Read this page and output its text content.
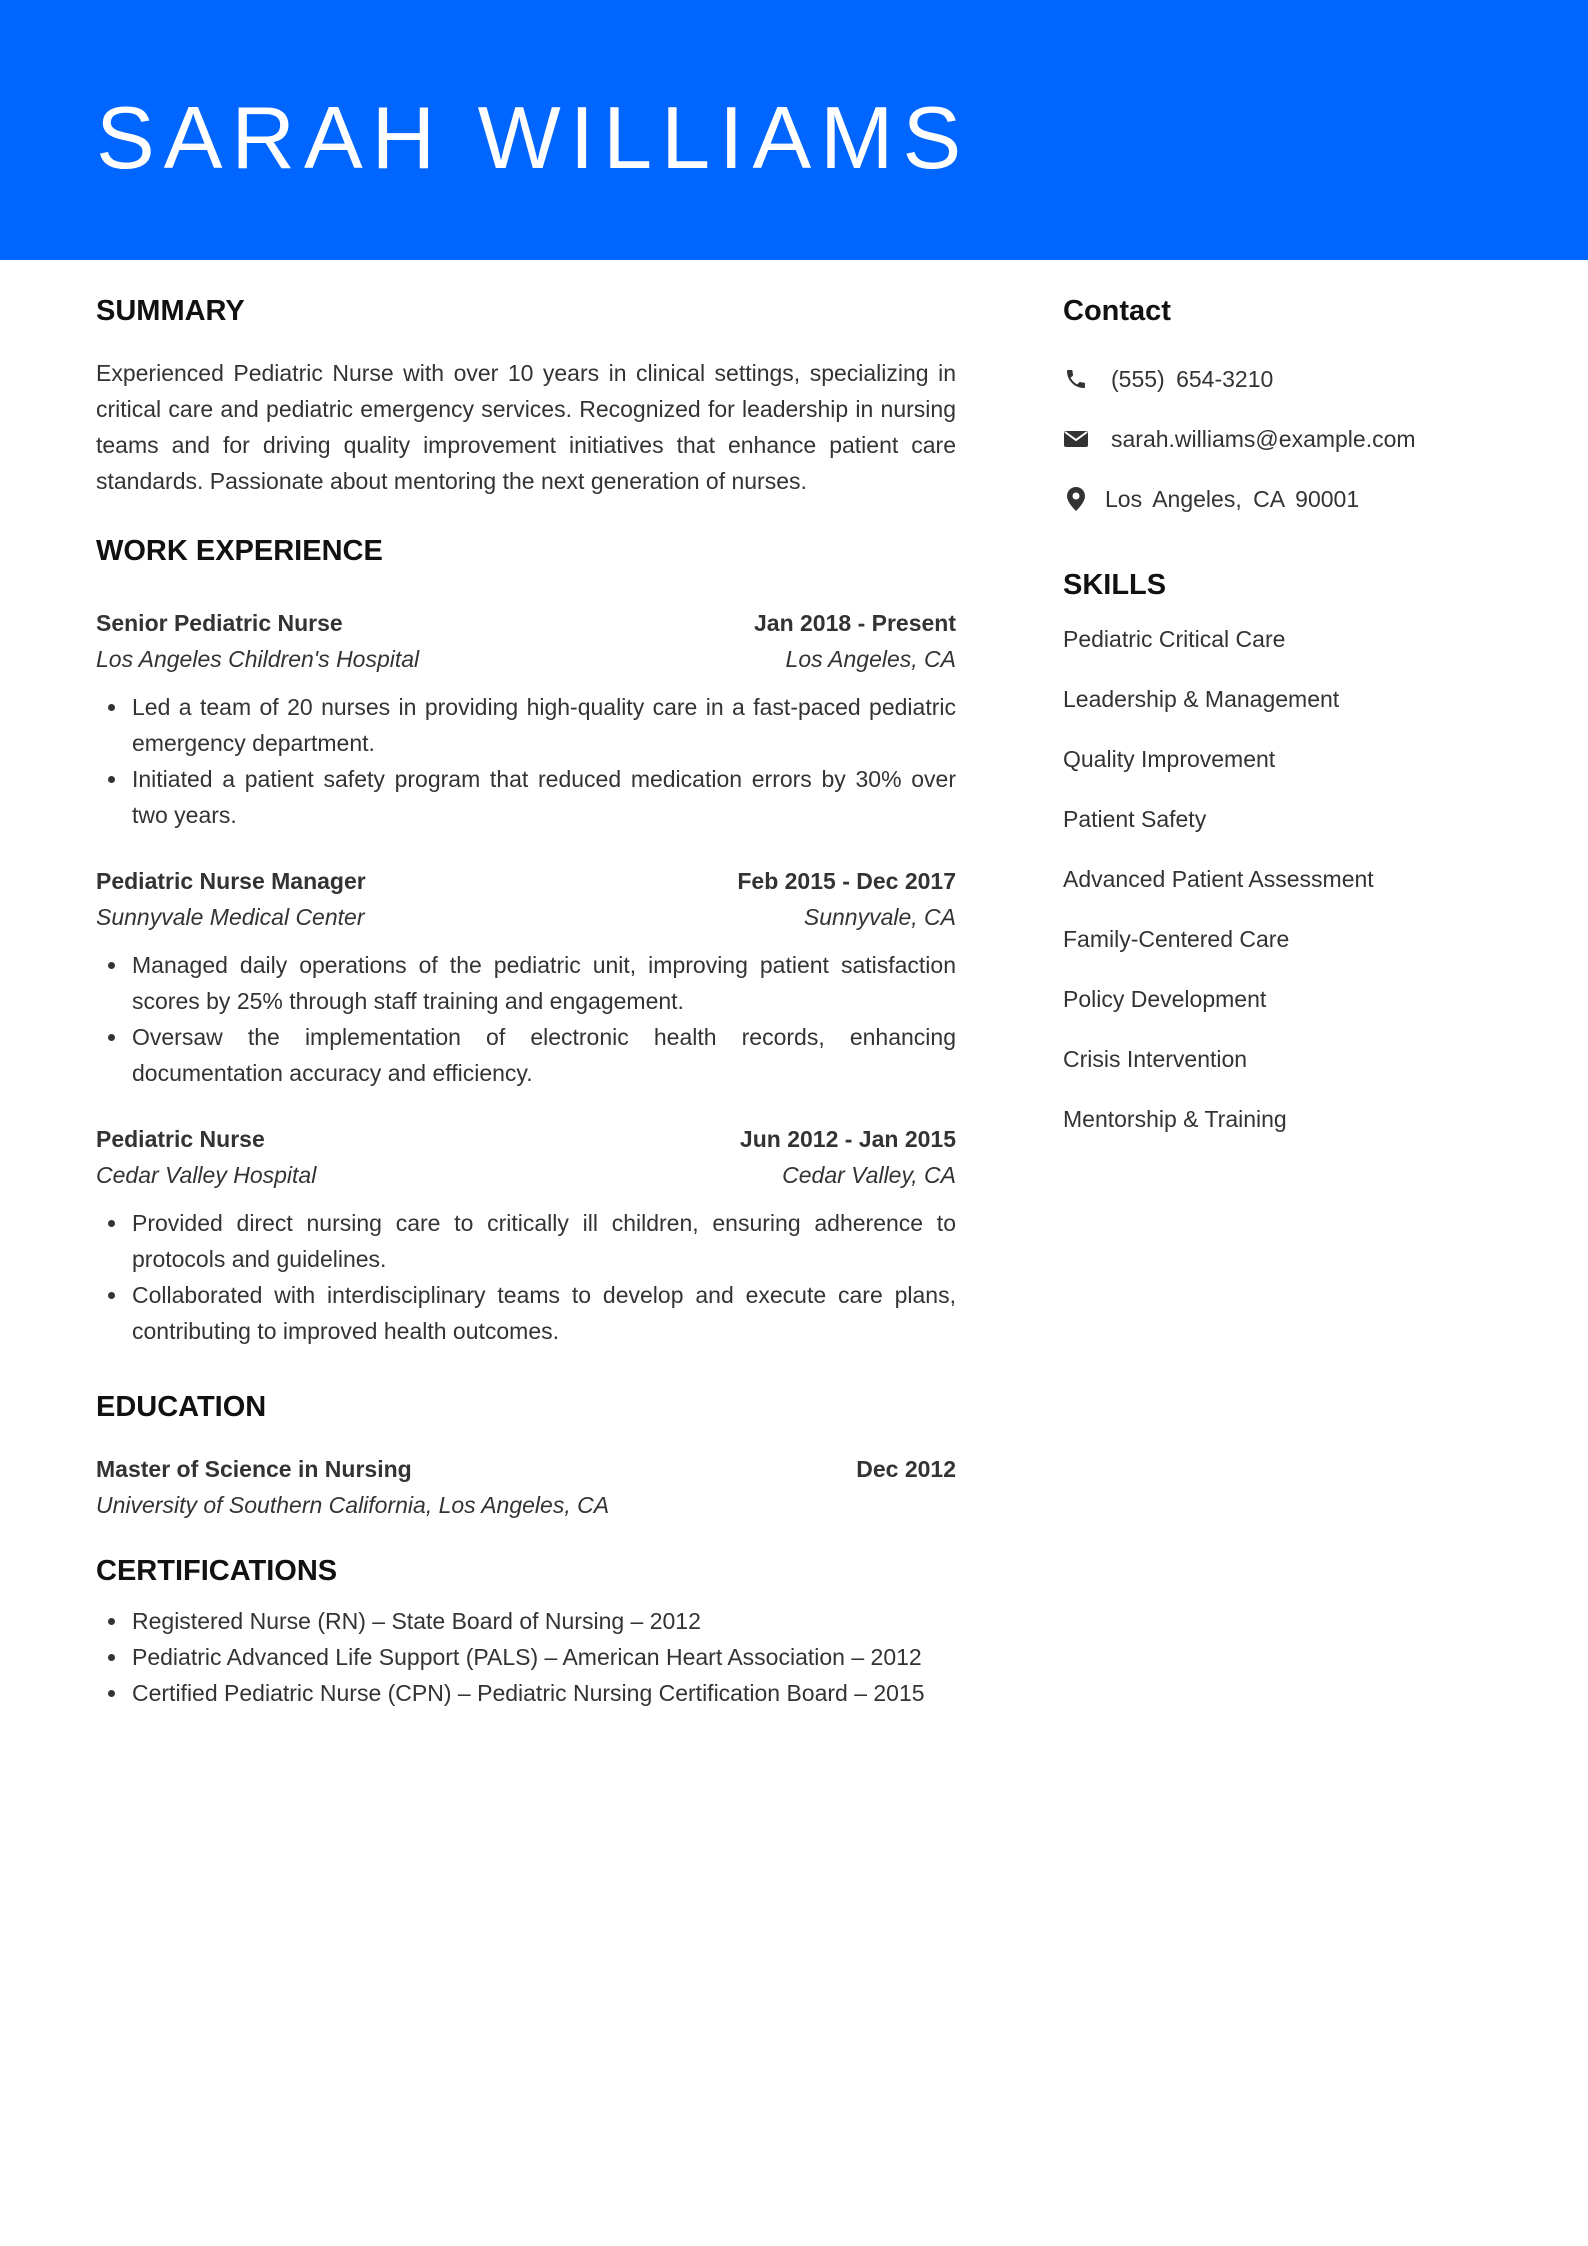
SARAH WILLIAMS
SUMMARY

Experienced Pediatric Nurse with over 10 years in clinical settings, specializing in critical care and pediatric emergency services. Recognized for leadership in nursing teams and for driving quality improvement initiatives that enhance patient care standards. Passionate about mentoring the next generation of nurses.

WORK EXPERIENCE
Senior Pediatric Nurse	Jan 2018 - Present
Los Angeles Children's Hospital	Los Angeles, CA
Led a team of 20 nurses in providing high-quality care in a fast-paced pediatric emergency department.
Initiated a patient safety program that reduced medication errors by 30% over two years.
Pediatric Nurse Manager	Feb 2015 - Dec 2017
Sunnyvale Medical Center	Sunnyvale, CA
Managed daily operations of the pediatric unit, improving patient satisfaction scores by 25% through staff training and engagement.
Oversaw the implementation of electronic health records, enhancing documentation accuracy and efficiency.
Pediatric Nurse	Jun 2012 - Jan 2015
Cedar Valley Hospital	Cedar Valley, CA
Provided direct nursing care to critically ill children, ensuring adherence to protocols and guidelines.
Collaborated with interdisciplinary teams to develop and execute care plans, contributing to improved health outcomes.
EDUCATION
Master of Science in Nursing	Dec 2012
University of Southern California, Los Angeles, CA
CERTIFICATIONS
Registered Nurse (RN) – State Board of Nursing – 2012
Pediatric Advanced Life Support (PALS) – American Heart Association – 2012
Certified Pediatric Nurse (CPN) – Pediatric Nursing Certification Board – 2015
Contact
(555) 654-3210
sarah.williams@example.com
Los Angeles, CA 90001
SKILLS
Pediatric Critical Care
Leadership & Management
Quality Improvement
Patient Safety
Advanced Patient Assessment
Family-Centered Care
Policy Development
Crisis Intervention
Mentorship & Training
